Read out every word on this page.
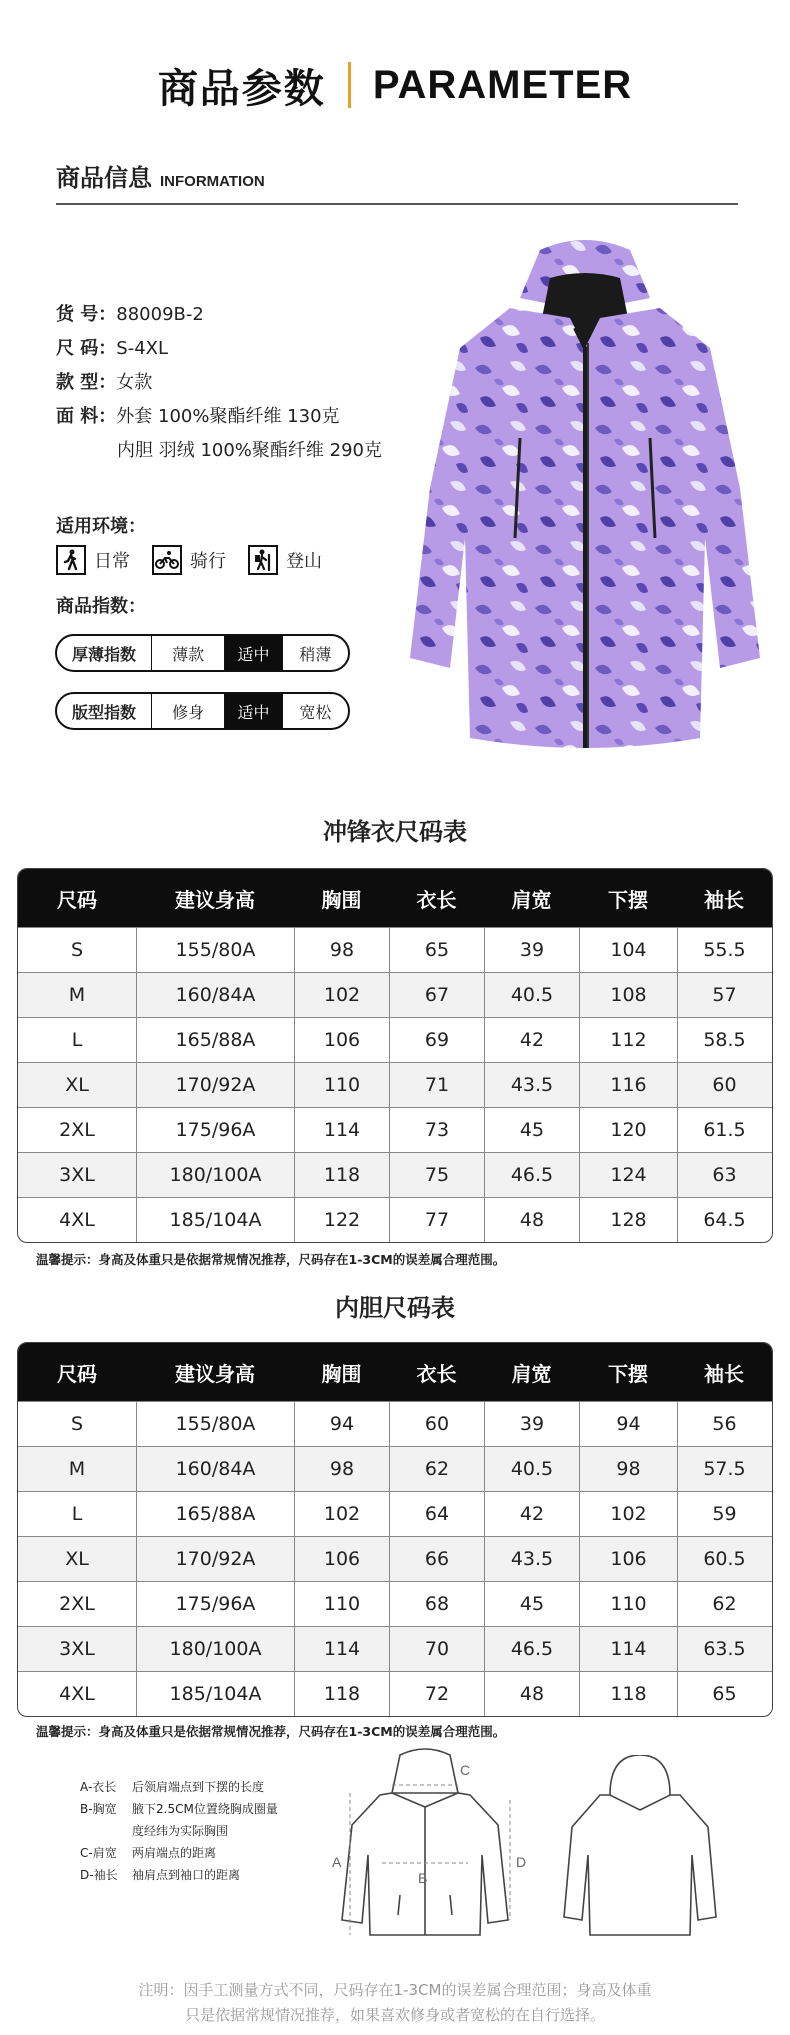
商品参数 PARAMETER
商品信息 INFORMATION
货 号：88009B-2
尺 码：S-4XL
款 型：女款
面 料：外套 100%聚酯纤维 130克
内胆 羽绒 100%聚酯纤维 290克
适用环境：
日常	骑行	登山
商品指数：
厚薄指数	薄款	适中	稍薄
版型指数	修身	适中	宽松
冲锋衣尺码表
尺码	建议身高	胸围	衣长	肩宽	下摆	袖长
S	155/80A	98	65	39	104	55.5
M	160/84A	102	67	40.5	108	57
L	165/88A	106	69	42	112	58.5
XL	170/92A	110	71	43.5	116	60
2XL	175/96A	114	73	45	120	61.5
3XL	180/100A	118	75	46.5	124	63
4XL	185/104A	122	77	48	128	64.5
温馨提示：身高及体重只是依据常规情况推荐，尺码存在1-3CM的误差属合理范围。
内胆尺码表
尺码	建议身高	胸围	衣长	肩宽	下摆	袖长
S	155/80A	94	60	39	94	56
M	160/84A	98	62	40.5	98	57.5
L	165/88A	102	64	42	102	59
XL	170/92A	106	66	43.5	106	60.5
2XL	175/96A	110	68	45	110	62
3XL	180/100A	114	70	46.5	114	63.5
4XL	185/104A	118	72	48	118	65
温馨提示：身高及体重只是依据常规情况推荐，尺码存在1-3CM的误差属合理范围。
A-衣长	后领肩端点到下摆的长度
B-胸宽	腋下2.5CM位置绕胸成圈量
度经纬为实际胸围
C-肩宽	两肩端点的距离
D-袖长	袖肩点到袖口的距离
A
B
C
D
注明：因手工测量方式不同，尺码存在1-3CM的误差属合理范围；身高及体重
只是依据常规情况推荐，如果喜欢修身或者宽松的在自行选择。
